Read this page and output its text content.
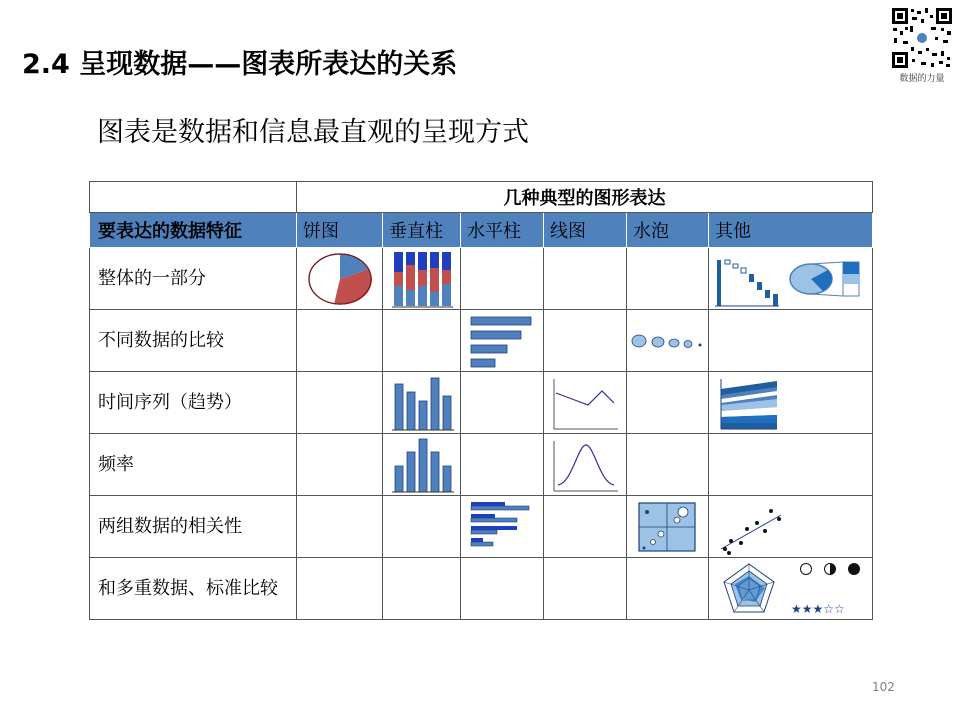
2.4 呈现数据——图表所表达的关系	数据的力量
图表是数据和信息最直观的呈现方式
	几种典型的图形表达					
要表达的数据特征	饼图	垂直柱	水平柱	线图	水泡	其他
整体的一部分	

不同数据的比较			

时间序列（趋势）		

频率		

两组数据的相关性			

和多重数据、标准比较						★★★☆☆
102
